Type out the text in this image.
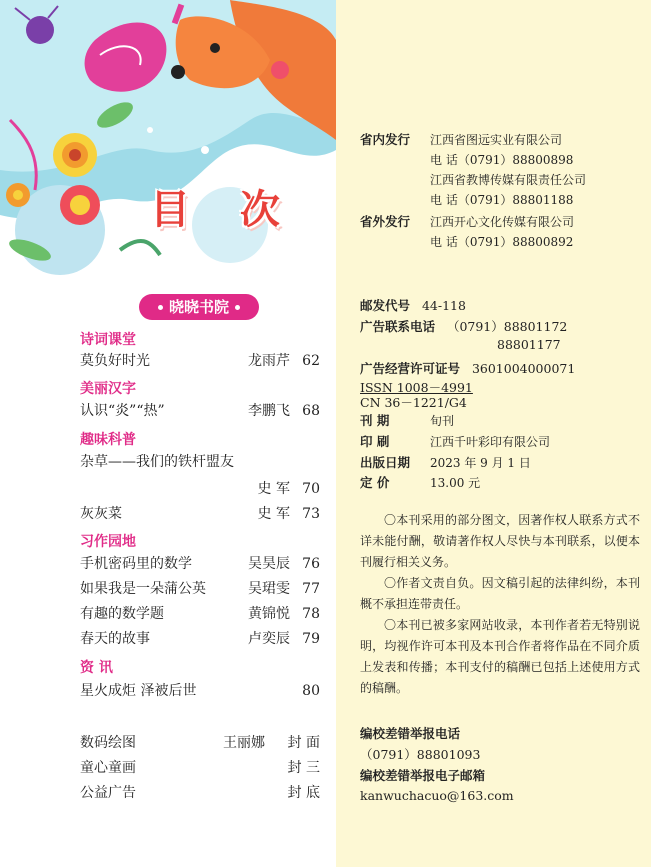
目 次
晓晓书院
诗词课堂
莫负好时光	龙雨芹 62
美丽汉字
认识“炎”“热”	李鹏飞 68
趣味科普
杂草——我们的铁杆盟友
史 军 70
灰灰菜	史 军 73
习作园地
手机密码里的数学	吴昊辰 76
如果我是一朵蒲公英	吴珺雯 77
有趣的数学题	黄锦悦 78
春天的故事	卢奕辰 79
资 讯
星火成炬 泽被后世	80
数码绘图	王丽娜 封 面
童心童画	封 三
公益广告	封 底
省内发行 江西省图远实业有限公司
电 话（0791）88800898
江西省教博传媒有限责任公司
电 话（0791）88801188
省外发行 江西开心文化传媒有限公司
电 话（0791）88800892
邮发代号 44-118
广告联系电话 （0791）88801172
88801177
广告经营许可证号 3601004000071
ISSN 1008－4991
CN 36－1221/G4
刊 期	旬刊
印 刷	江西千叶彩印有限公司
出版日期 2023 年 9 月 1 日
定 价	13.00 元

〇本刊采用的部分图文，因著作权人联系方式不详未能付酬，敬请著作权人尽快与本刊联系，以便本刊履行相关义务。

〇作者文责自负。因文稿引起的法律纠纷，本刊概不承担连带责任。

〇本刊已被多家网站收录，本刊作者若无特别说明，均视作许可本刊及本刊合作者将作品在不同介质上发表和传播；本刊支付的稿酬已包括上述使用方式的稿酬。

编校差错举报电话
（0791）88801093
编校差错举报电子邮箱
kanwuchacuo@163.com
